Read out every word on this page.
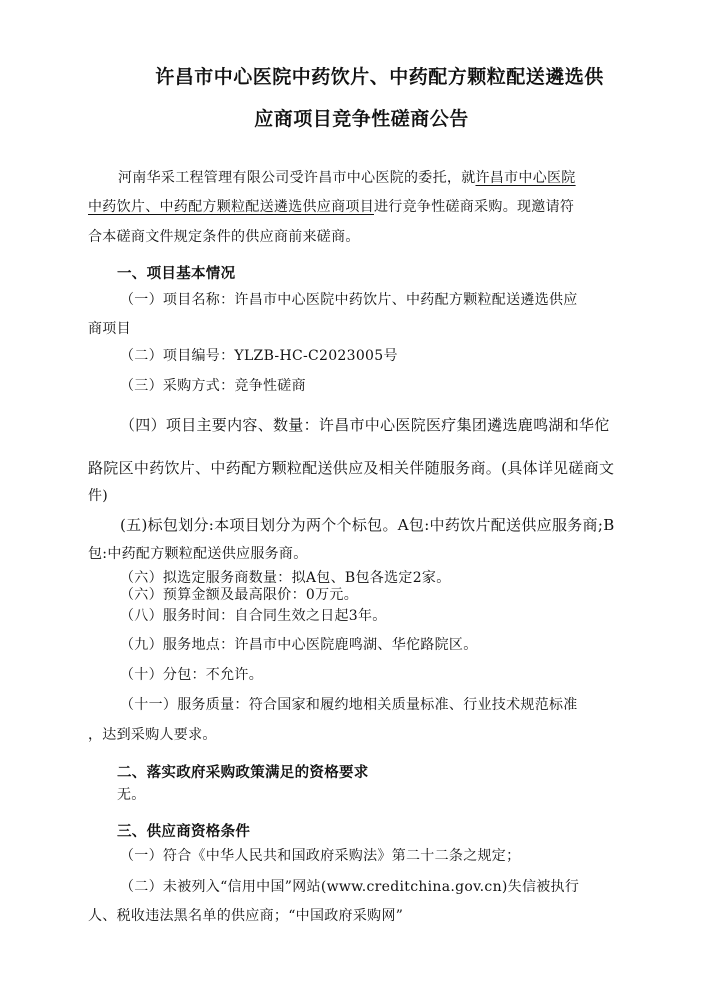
许昌市中心医院中药饮片、中药配方颗粒配送遴选供
应商项目竞争性磋商公告
河南华采工程管理有限公司受许昌市中心医院的委托，就许昌市中心医院
中药饮片、中药配方颗粒配送遴选供应商项目进行竞争性磋商采购。现邀请符
合本磋商文件规定条件的供应商前来磋商。
一、项目基本情况
（一）项目名称：许昌市中心医院中药饮片、中药配方颗粒配送遴选供应
商项目
（二）项目编号：YLZB-HC-C2023005号
（三）采购方式：竞争性磋商
（四）项目主要内容、数量：许昌市中心医院医疗集团遴选鹿鸣湖和华佗
路院区中药饮片、中药配方颗粒配送供应及相关伴随服务商。(具体详见磋商文
件)
(五)标包划分:本项目划分为两个个标包。A包:中药饮片配送供应服务商;B
包:中药配方颗粒配送供应服务商。
（六）拟选定服务商数量：拟A包、B包各选定2家。
（六）预算金额及最高限价：0万元。
（八）服务时间：自合同生效之日起3年。
（九）服务地点：许昌市中心医院鹿鸣湖、华佗路院区。
（十）分包：不允许。
（十一）服务质量：符合国家和履约地相关质量标准、行业技术规范标准
，达到采购人要求。
二、落实政府采购政策满足的资格要求
无。
三、供应商资格条件
（一）符合《中华人民共和国政府采购法》第二十二条之规定；
（二）未被列入“信用中国”网站(www.creditchina.gov.cn)失信被执行
人、税收违法黑名单的供应商；“中国政府采购网”
